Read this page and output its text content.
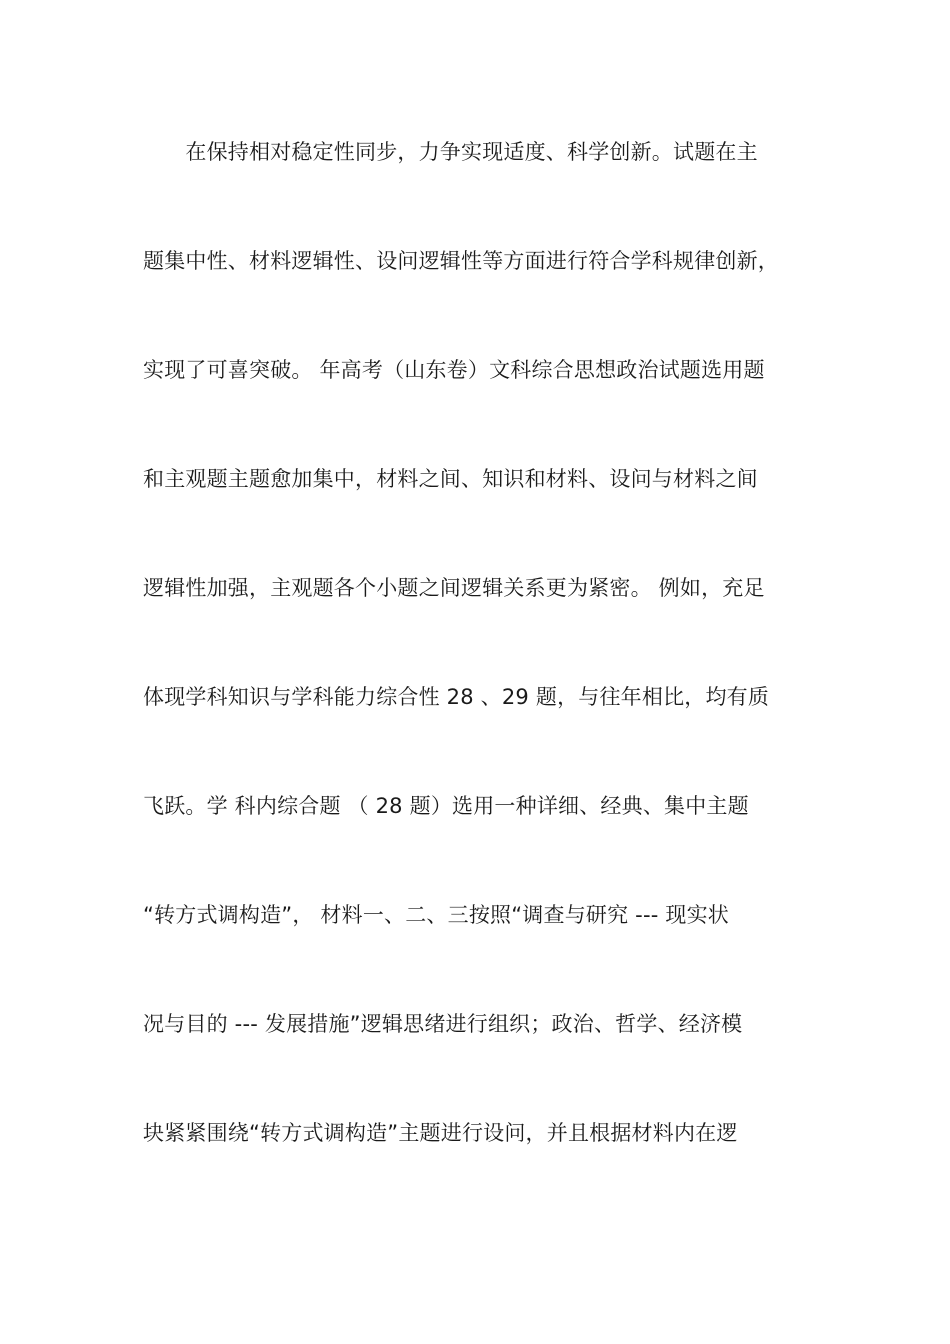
　　在保持相对稳定性同步，力争实现适度、科学创新。试题在主
题集中性、材料逻辑性、设问逻辑性等方面进行符合学科规律创新，
实现了可喜突破。 年高考（山东卷）文科综合思想政治试题选用题
和主观题主题愈加集中，材料之间、知识和材料、设问与材料之间
逻辑性加强，主观题各个小题之间逻辑关系更为紧密。 例如，充足
体现学科知识与学科能力综合性 28 、29 题，与往年相比，均有质
飞跃。学 科内综合题 （ 28 题）选用一种详细、经典、集中主题
“转方式调构造”， 材料一、二、三按照“调查与研究 --- 现实状
况与目的 --- 发展措施”逻辑思绪进行组织；政治、哲学、经济模
块紧紧围绕“转方式调构造”主题进行设问，并且根据材料内在逻
